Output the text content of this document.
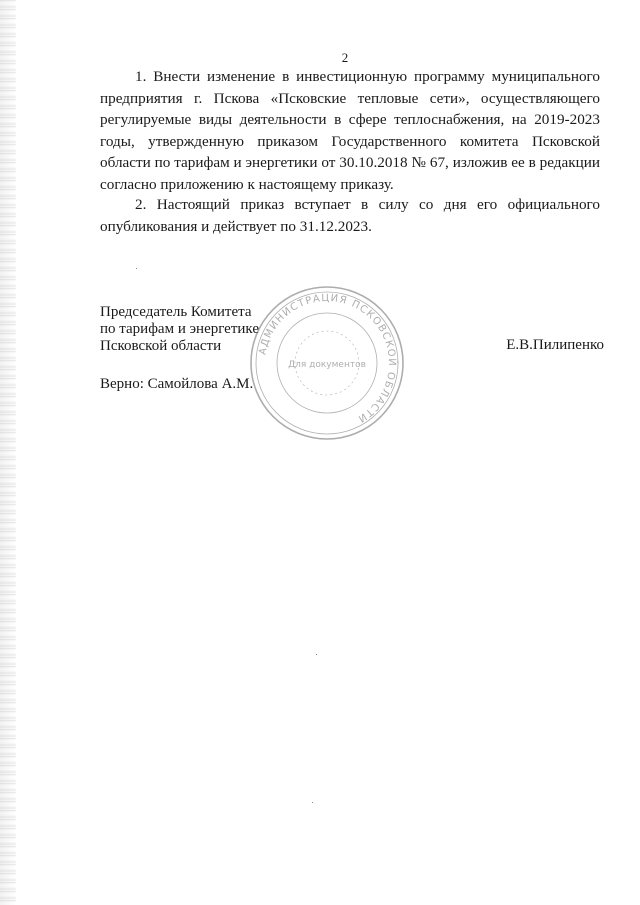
2

1. Внести изменение в инвестиционную программу муниципального предприятия г. Пскова «Псковские тепловые сети», осуществляющего регулируемые виды деятельности в сфере теплоснабжения, на 2019-2023 годы, утвержденную приказом Государственного комитета Псковской области по тарифам и энергетики от 30.10.2018 № 67, изложив ее в редакции согласно приложению к настоящему приказу.

2. Настоящий приказ вступает в силу со дня его официального опубликования и действует по 31.12.2023.

Председатель Комитета
по тарифам и энергетике
Псковской области	Е.В.Пилипенко
Верно: Самойлова А.М.
АДМИНИСТРАЦИЯ ПСКОВСКОЙ ОБЛАСТИ
Для документов
